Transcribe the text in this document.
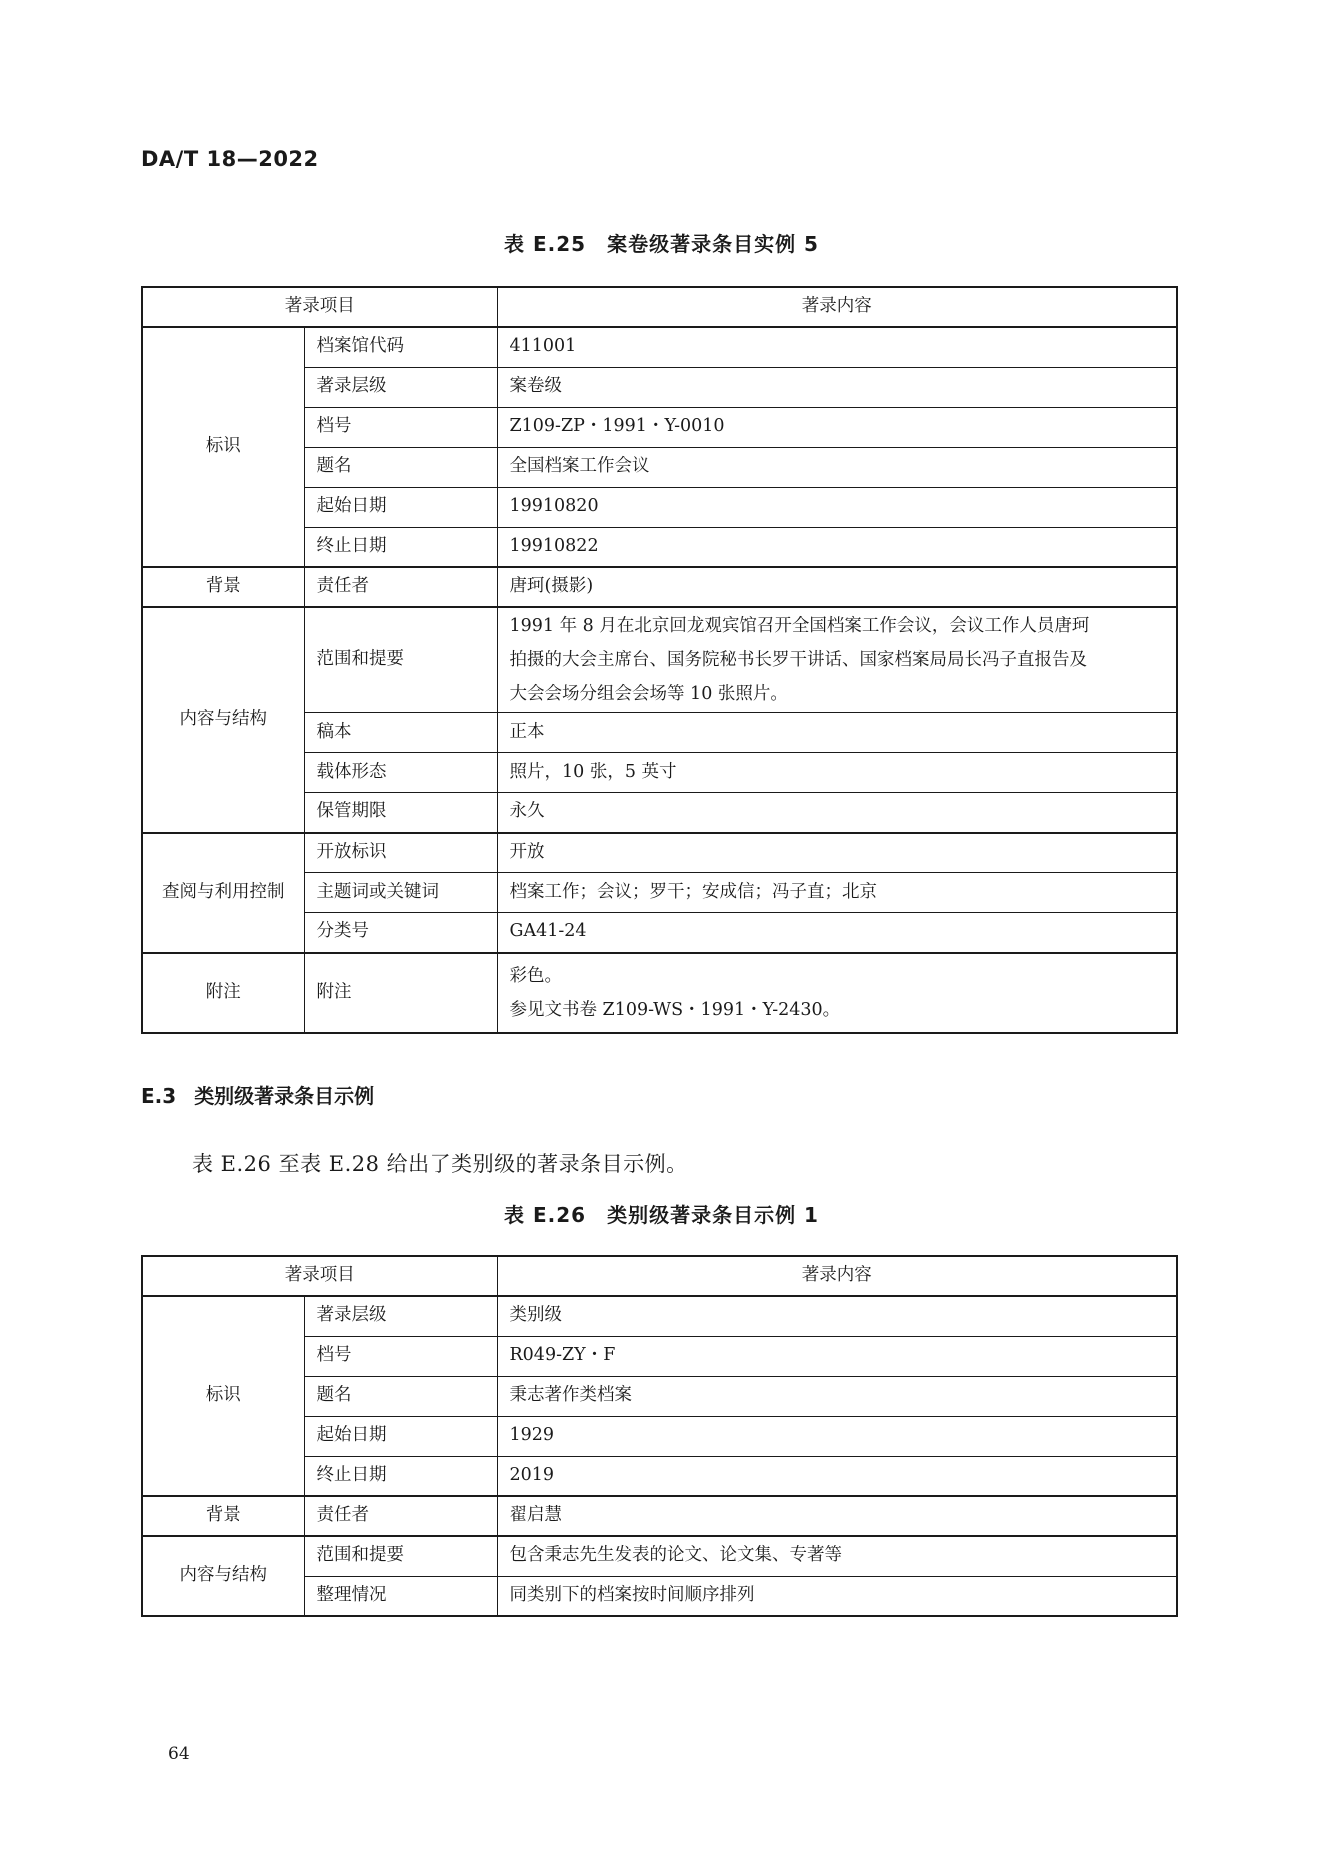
DA/T 18—2022
表 E.25　案卷级著录条目实例 5
著录项目		著录内容
标识	档案馆代码	411001
	著录层级	案卷级
	档号	Z109-ZP・1991・Y-0010
	题名	全国档案工作会议
	起始日期	19910820
	终止日期	19910822
背景	责任者	唐珂(摄影)
内容与结构	范围和提要	1991 年 8 月在北京回龙观宾馆召开全国档案工作会议，会议工作人员唐珂
拍摄的大会主席台、国务院秘书长罗干讲话、国家档案局局长冯子直报告及
大会会场分组会会场等 10 张照片。

	稿本	正本
	载体形态	照片，10 张，5 英寸
	保管期限	永久
查阅与利用控制	开放标识	开放
	主题词或关键词	档案工作；会议；罗干；安成信；冯子直；北京
	分类号	GA41-24
附注	附注	彩色。
参见文书卷 Z109-WS・1991・Y-2430。
E.3 类别级著录条目示例
表 E.26 至表 E.28 给出了类别级的著录条目示例。
表 E.26　类别级著录条目示例 1
著录项目		著录内容
标识	著录层级	类别级
	档号	R049-ZY・F
	题名	秉志著作类档案
	起始日期	1929
	终止日期	2019
背景	责任者	翟启慧
内容与结构	范围和提要	包含秉志先生发表的论文、论文集、专著等
	整理情况	同类别下的档案按时间顺序排列
64
